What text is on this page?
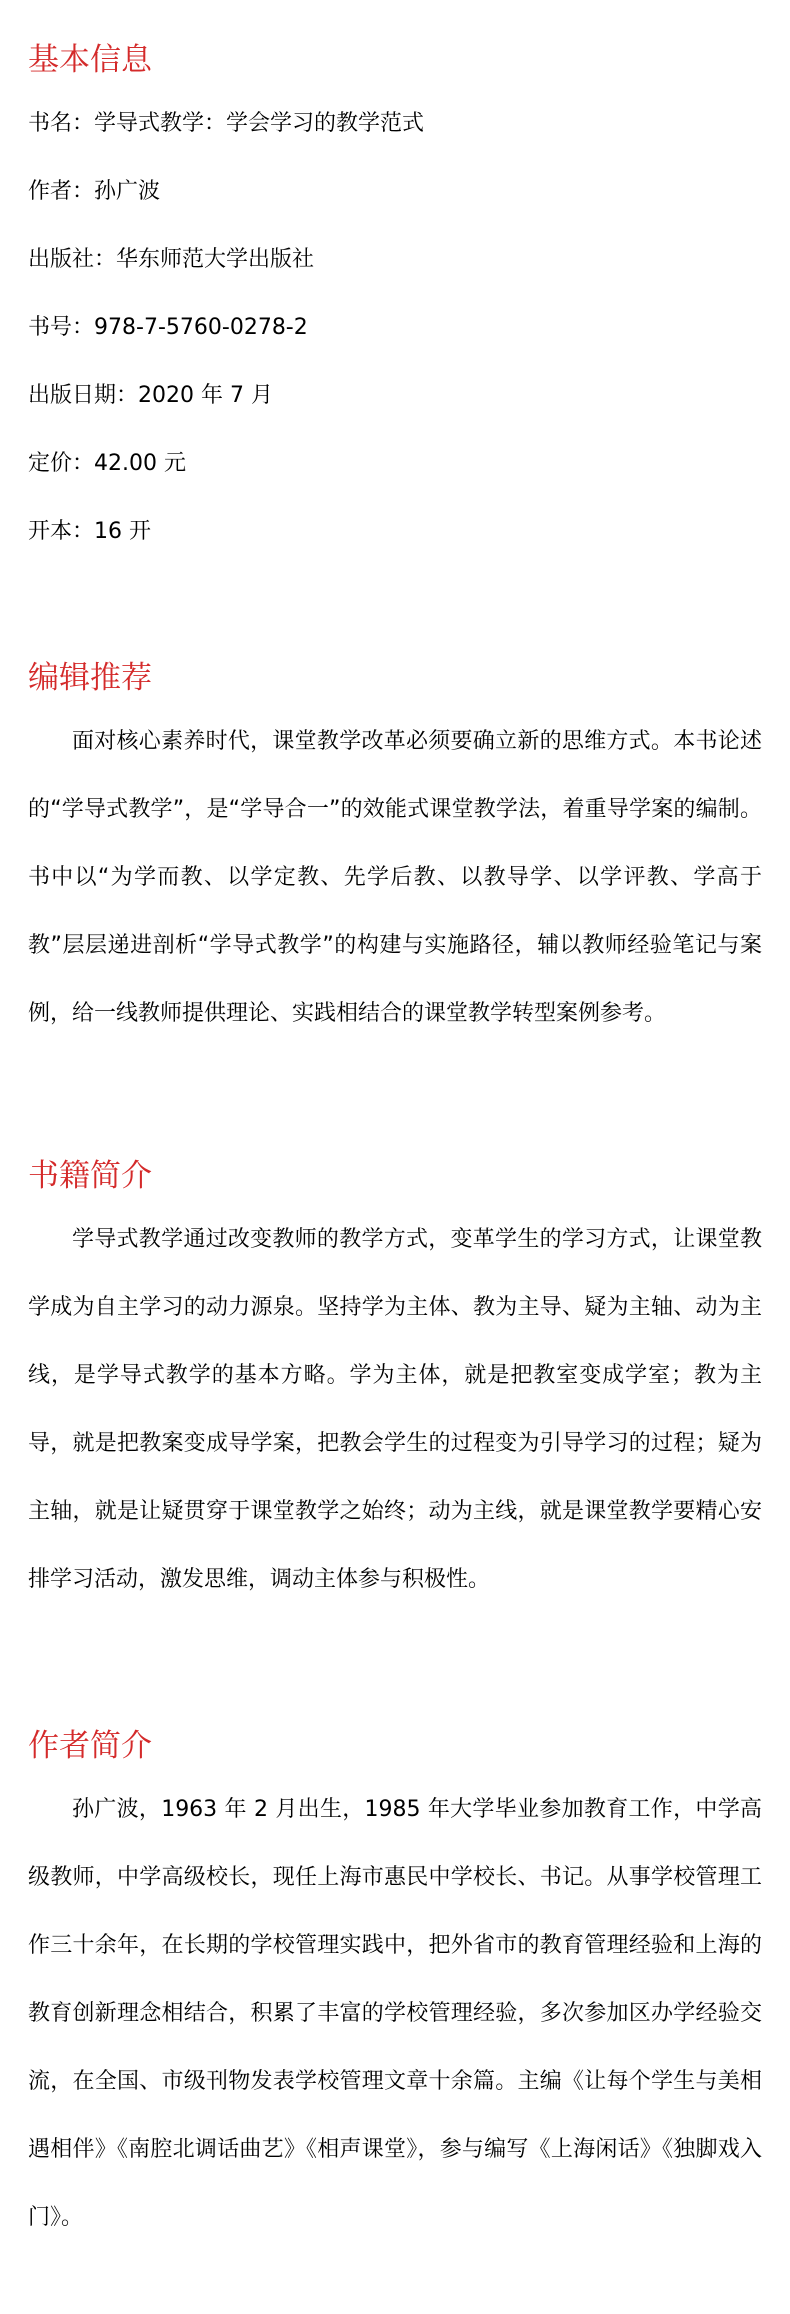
基本信息
书名：学导式教学：学会学习的教学范式
作者：孙广波
出版社：华东师范大学出版社
书号：978-7-5760-0278-2
出版日期：2020 年 7 月
定价：42.00 元
开本：16 开
编辑推荐

面对核心素养时代，课堂教学改革必须要确立新的思维方式。本书论述的“学导式教学”，是“学导合一”的效能式课堂教学法，着重导学案的编制。书中以“为学而教、以学定教、先学后教、以教导学、以学评教、学高于教”层层递进剖析“学导式教学”的构建与实施路径，辅以教师经验笔记与案例，给一线教师提供理论、实践相结合的课堂教学转型案例参考。

书籍简介

学导式教学通过改变教师的教学方式，变革学生的学习方式，让课堂教学成为自主学习的动力源泉。坚持学为主体、教为主导、疑为主轴、动为主线，是学导式教学的基本方略。学为主体，就是把教室变成学室；教为主导，就是把教案变成导学案，把教会学生的过程变为引导学习的过程；疑为主轴，就是让疑贯穿于课堂教学之始终；动为主线，就是课堂教学要精心安排学习活动，激发思维，调动主体参与积极性。

作者简介

孙广波，1963 年 2 月出生，1985 年大学毕业参加教育工作，中学高级教师，中学高级校长，现任上海市惠民中学校长、书记。从事学校管理工作三十余年，在长期的学校管理实践中，把外省市的教育管理经验和上海的教育创新理念相结合，积累了丰富的学校管理经验，多次参加区办学经验交流，在全国、市级刊物发表学校管理文章十余篇。主编《让每个学生与美相遇相伴》《南腔北调话曲艺》《相声课堂》，参与编写《上海闲话》《独脚戏入门》。
